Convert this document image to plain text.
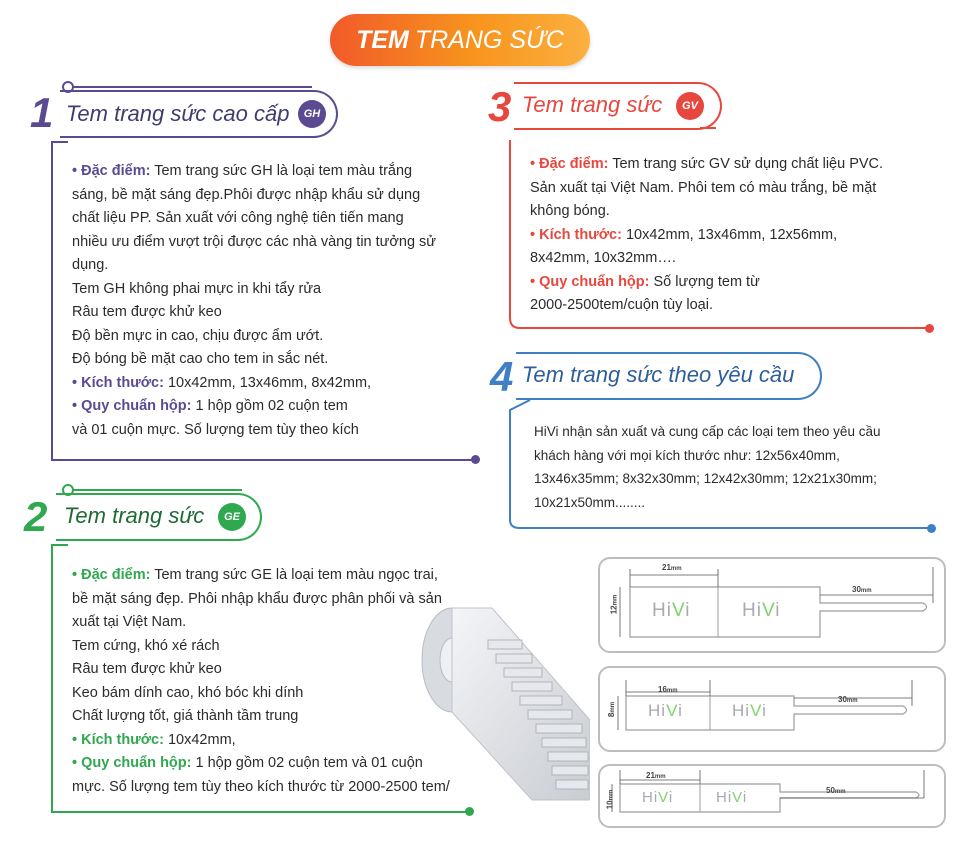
TEM TRANG SỨC
1 Tem trang sức cao cấp	GH
• Đặc điểm: Tem trang sức GH là loại tem màu trắng
sáng, bề mặt sáng đẹp.Phôi được nhập khẩu sử dụng
chất liệu PP. Sản xuất với công nghệ tiên tiến mang
nhiều ưu điểm vượt trội được các nhà vàng tin tưởng sử
dụng.
Tem GH không phai mực in khi tẩy rửa
Râu tem được khử keo
Độ bền mực in cao, chịu được ẩm ướt.
Độ bóng bề mặt cao cho tem in sắc nét.
• Kích thước: 10x42mm, 13x46mm, 8x42mm,
• Quy chuẩn hộp: 1 hộp gồm 02 cuộn tem
và 01 cuộn mực. Số lượng tem tùy theo kích
2 Tem trang sức	GE
• Đặc điểm: Tem trang sức GE là loại tem màu ngọc trai,
bề mặt sáng đẹp. Phôi nhập khẩu được phân phối và sản
xuất tại Việt Nam.
Tem cứng, khó xé rách
Râu tem được khử keo
Keo bám dính cao, khó bóc khi dính
Chất lượng tốt, giá thành tầm trung
• Kích thước: 10x42mm,
• Quy chuẩn hộp: 1 hộp gồm 02 cuộn tem và 01 cuộn
mực. Số lượng tem tùy theo kích thước từ 2000-2500 tem/
3 Tem trang sức	GV
• Đặc điểm: Tem trang sức GV sử dụng chất liệu PVC.
Sản xuất tại Việt Nam. Phôi tem có màu trắng, bề mặt
không bóng.
• Kích thước: 10x42mm, 13x46mm, 12x56mm,
8x42mm, 10x32mm….
• Quy chuẩn hộp: Số lượng tem từ
2000-2500tem/cuộn tùy loại.
4 Tem trang sức theo yêu cầu
HiVi nhận sản xuất và cung cấp các loại tem theo yêu cầu
khách hàng với mọi kích thước như: 12x56x40mm,
13x46x35mm; 8x32x30mm; 12x42x30mm; 12x21x30mm;
10x21x50mm........
21mm
12mm
30mm
HiVi	HiVi
16mm
8mm
30mm
HiVi	HiVi
21mm
10mm	50mm
HiVi	HiVi
